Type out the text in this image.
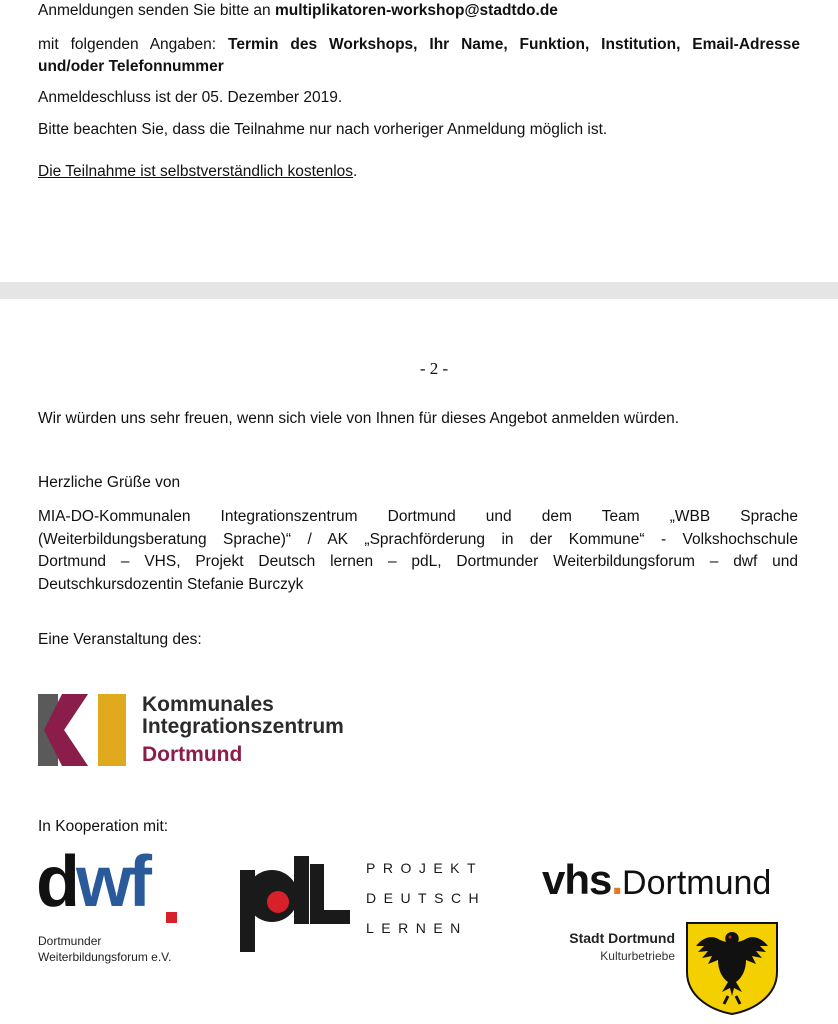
Anmeldungen senden Sie bitte an multiplikatoren-workshop@stadtdo.de
mit folgenden Angaben: Termin des Workshops, Ihr Name, Funktion, Institution, Email-Adresse
und/oder Telefonnummer
Anmeldeschluss ist der 05. Dezember 2019.
Bitte beachten Sie, dass die Teilnahme nur nach vorheriger Anmeldung möglich ist.
Die Teilnahme ist selbstverständlich kostenlos.
- 2 -
Wir würden uns sehr freuen, wenn sich viele von Ihnen für dieses Angebot anmelden würden.
Herzliche Grüße von
MIA-DO-Kommunalen Integrationszentrum Dortmund und dem Team „WBB Sprache
(Weiterbildungsberatung Sprache)“ / AK „Sprachförderung in der Kommune“ - Volkshochschule
Dortmund – VHS, Projekt Deutsch lernen – pdL, Dortmunder Weiterbildungsforum – dwf und
Deutschkursdozentin Stefanie Burczyk
Eine Veranstaltung des:
Kommunales
Integrationszentrum
Dortmund
In Kooperation mit:
dwf
Dortmunder
Weiterbildungsforum e.V.
PROJEKT
DEUTSCH
LERNEN
vhs.Dortmund
Stadt Dortmund
Kulturbetriebe
